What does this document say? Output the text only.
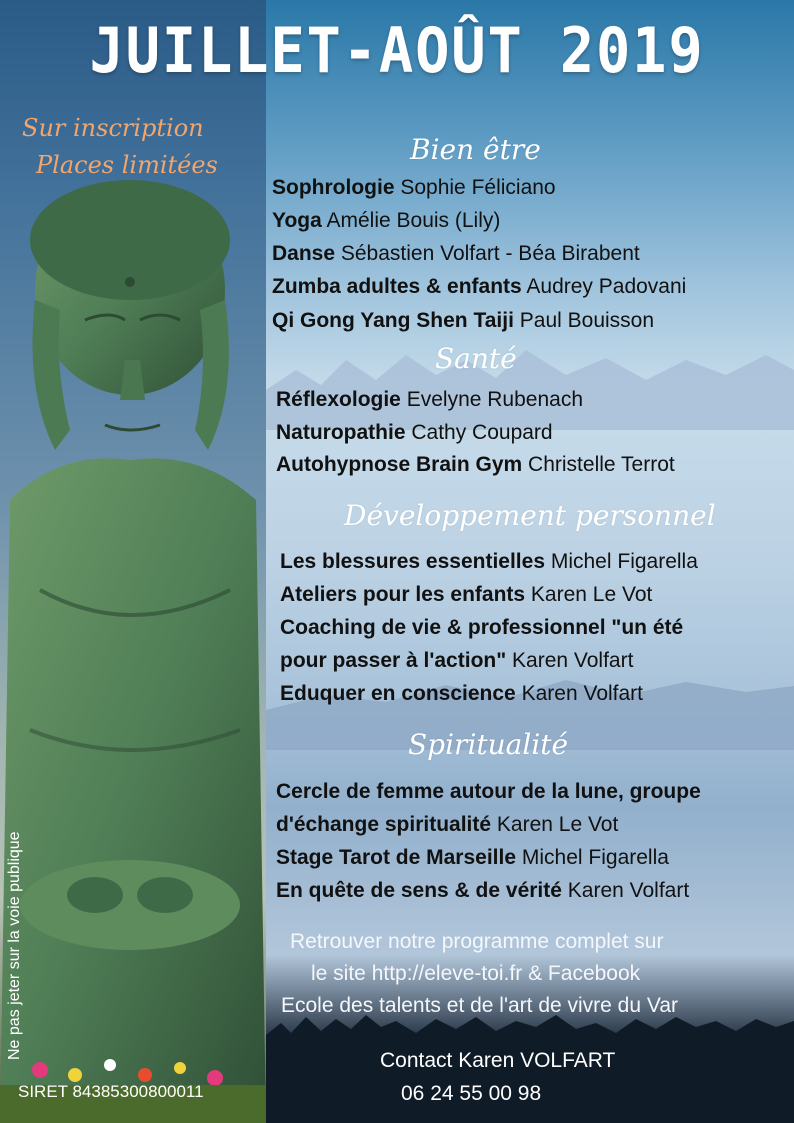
JUILLET-AOÛT 2019
Sur inscription
Places limitées	Bien être
Sophrologie Sophie Féliciano
Yoga Amélie Bouis (Lily)
Danse Sébastien Volfart - Béa Birabent
Zumba adultes & enfants Audrey Padovani
Qi Gong Yang Shen Taiji Paul Bouisson
Santé
Réflexologie Evelyne Rubenach
Naturopathie Cathy Coupard
Autohypnose Brain Gym Christelle Terrot
Développement personnel
Les blessures essentielles Michel Figarella
Ateliers pour les enfants Karen Le Vot
Coaching de vie & professionnel "un été
pour passer à l'action" Karen Volfart
Eduquer en conscience Karen Volfart
Spiritualité
Cercle de femme autour de la lune, groupe
d'échange spiritualité Karen Le Vot
Stage Tarot de Marseille Michel Figarella
En quête de sens & de vérité Karen Volfart
Retrouver notre programme complet sur
le site http://eleve-toi.fr & Facebook
Ecole des talents et de l'art de vivre du Var
Contact Karen VOLFART
06 24 55 00 98
Ne pas jeter sur la voie publique
SIRET 84385300800011
